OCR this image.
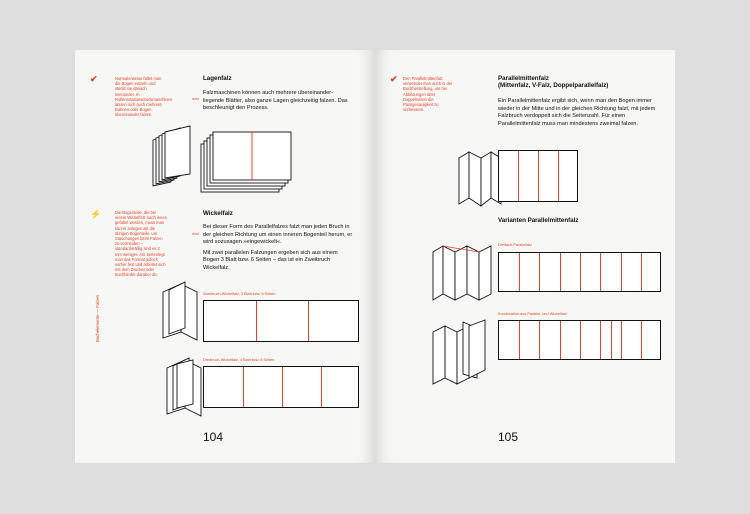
✔	Normalerweise faltet man die Bogen einzeln und steckt sie danach ineinander. In Rollenrotationsdruckmaschinen lassen sich auch mehrere Bahnen oder Bogen übereinander falzen.
ddd
Lagenfalz

Falzmaschinen können auch mehrere übereinander-liegende Blätter, also ganze Lagen gleichzeitig falzen. Das beschleunigt den Prozess.

⚡	Die Bogenteile, die bei einem Wickelfalz nach innen gefaltet werden, muss man kürzer anlegen als die übrigen Bogenteile, um Stauchungen beim Falzen zu vermeiden – standardmäßig sind es 2 mm weniger. Am Seitenlegt man das Format jedoch vorher fest und arbeitet sich mit dem Drucker oder Buchbinder darüber ab.
Buchelemente — Falzen
Wickelfalz
ddd

Bei dieser Form des Parallelfalzes falzt man jeden Bruch in der gleichen Richtung um einen inneren Bogenteil herum, er wird sozusagen »eingewickelt«.

Mit zwei parallelen Falzungen ergeben sich aus einem Bogen 3 Blatt bzw. 6 Seiten – das ist ein Zweibruch Wickelfalz.

Zweibruch-Wickelfalz, 3 Blatt bzw. 6 Seiten
Dreibruch-Wickelfalz, 4 Blatt bzw. 8 Seiten
104
✔ Den Parallelmittenfalz verwendet man auch in der Buchherstellung, um bei Abbildungen über Doppelseiten die Passgenauigkeit zu verbessern.
Parallelmittenfalz
(Mittenfalz, V-Falz, Doppelparallelfalz)

Ein Parallelmittenfalz ergibt sich, wenn man den Bogen immer wieder in der Mitte und in der gleichen Richtung falzt, mit jedem Falzbruch verdoppelt sich die Seitenzahl. Für einen Parallelmittenfalz muss man mindestens zweimal falzen.

Varianten Parallelmittenfalz
Dreifach-Parallelfalz
Kombination aus Parallel- und Wickelfalz
105
